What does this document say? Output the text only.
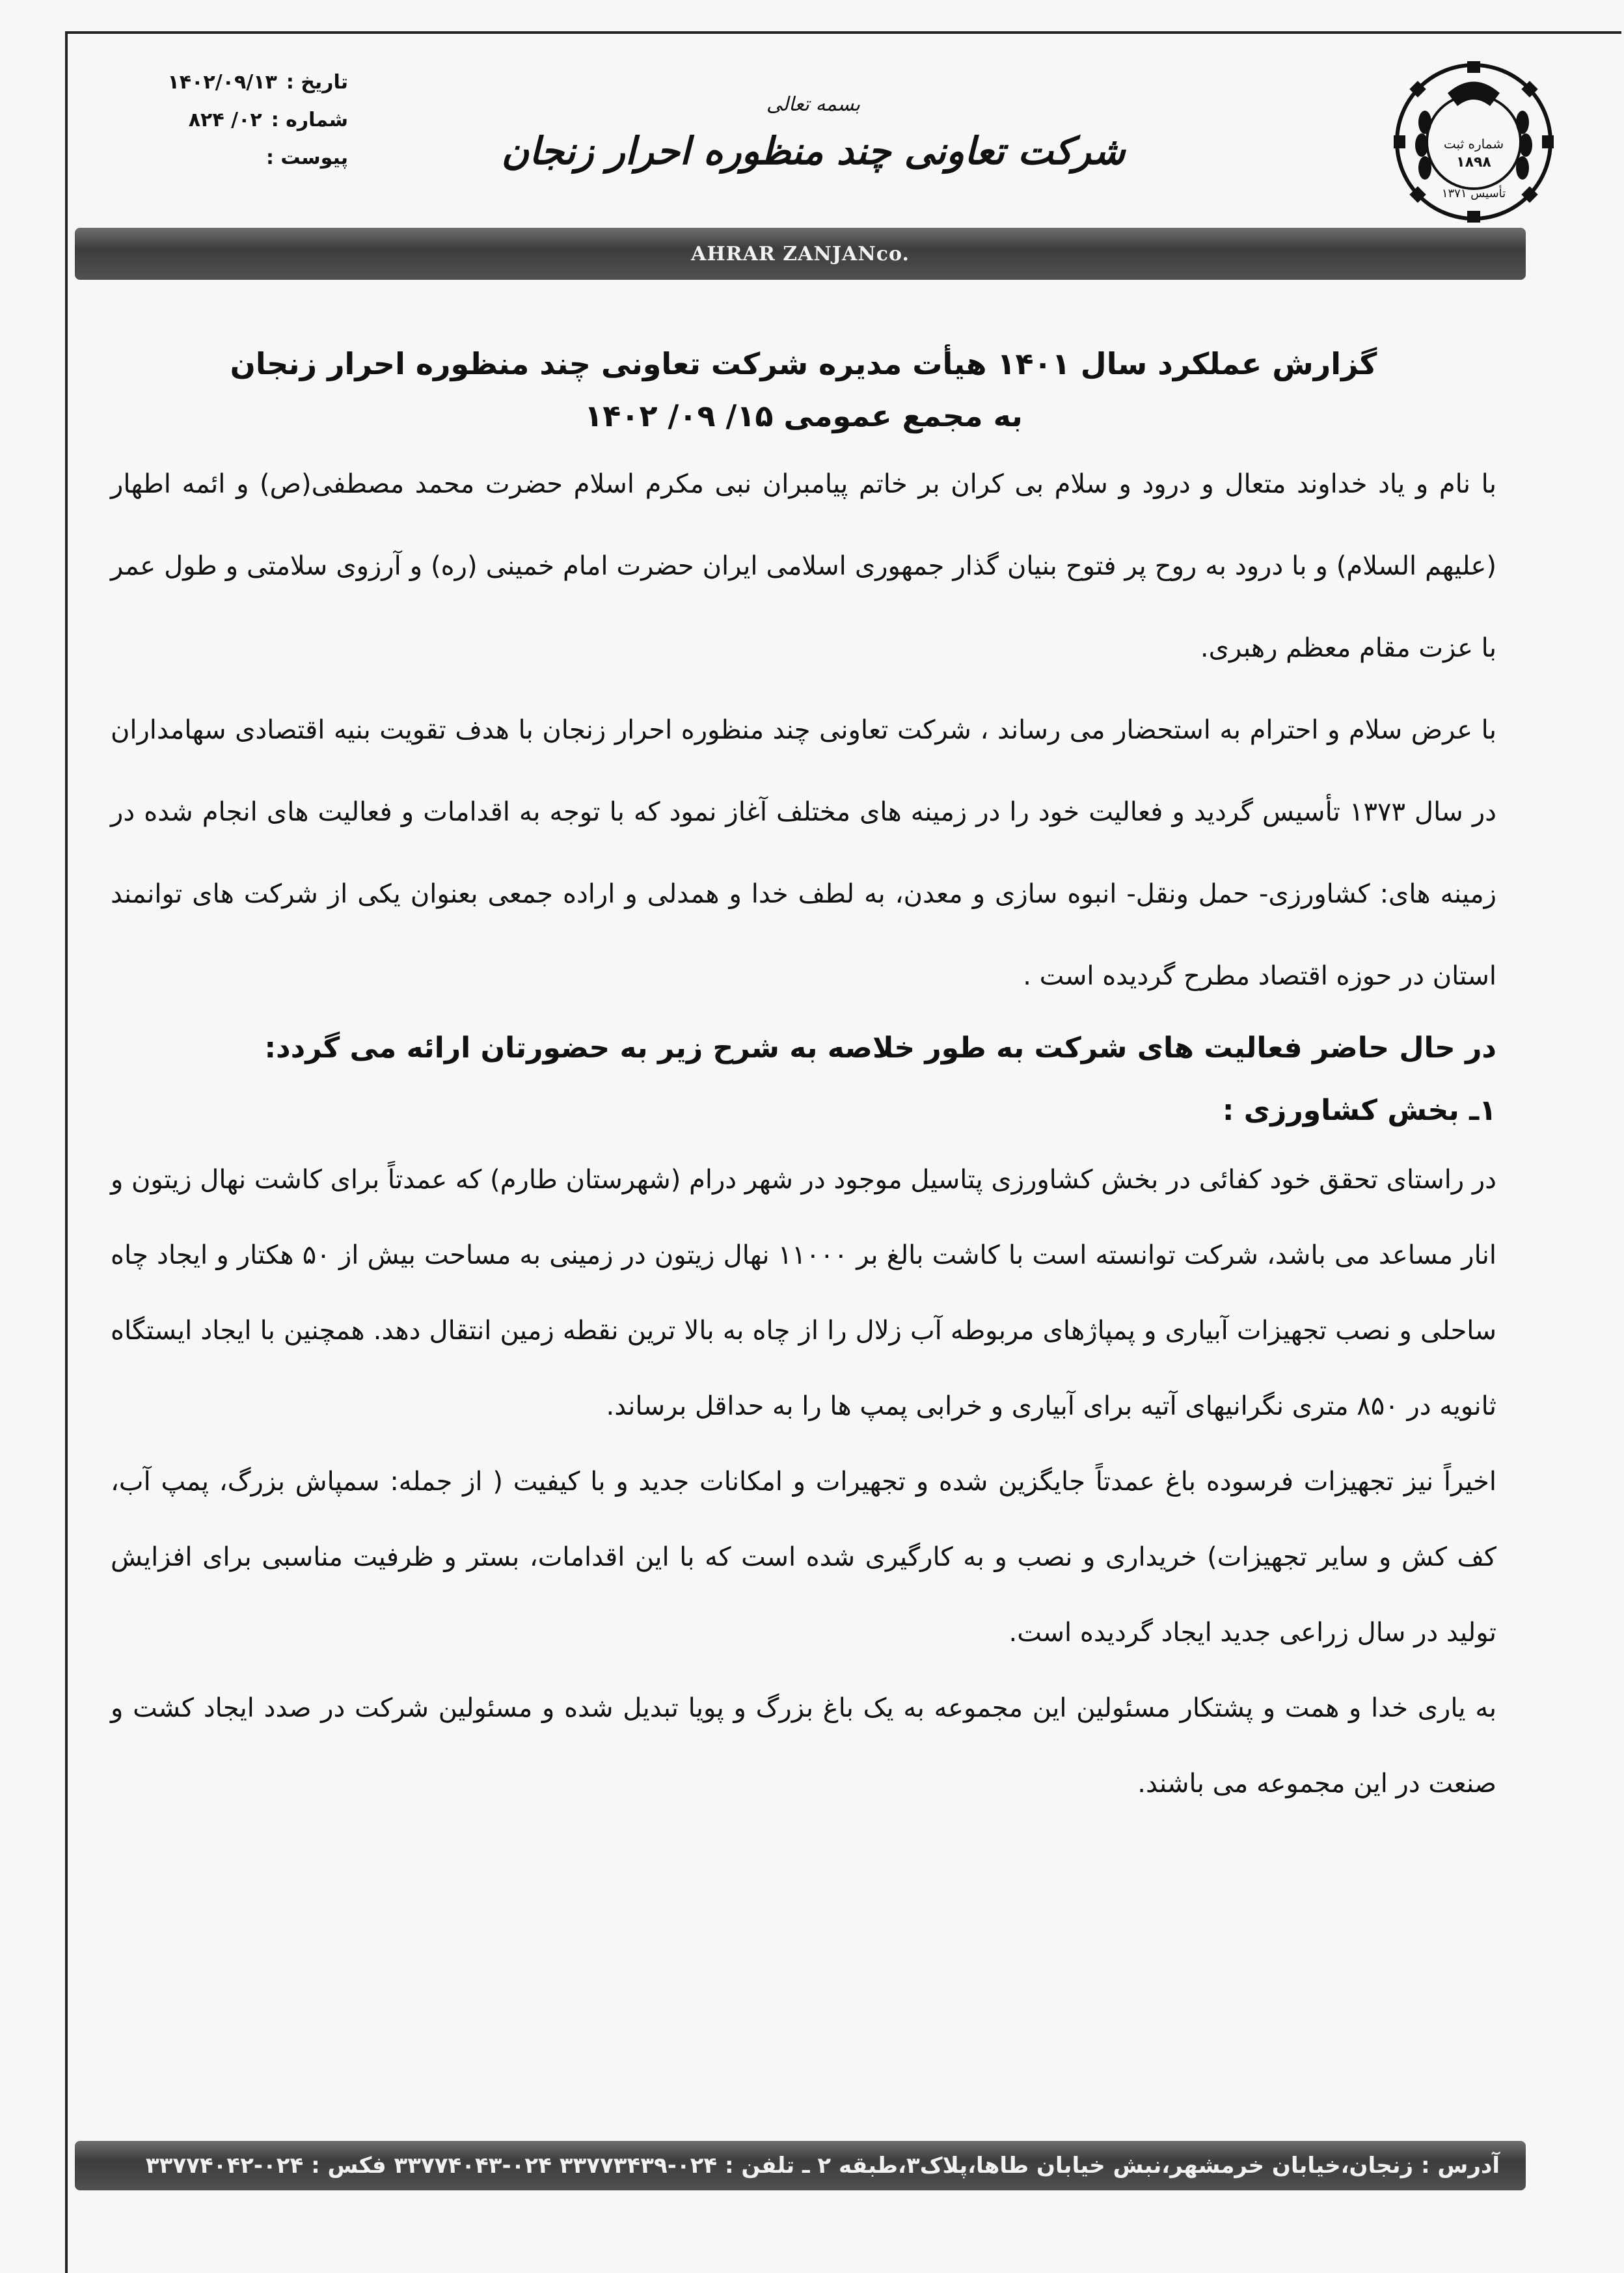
شماره ثبت
۱۸۹۸
تأسیس ۱۳۷۱
بسمه تعالی
شرکت تعاونی چند منظوره احرار زنجان
تاریخ :
۱۴۰۲/۰۹/۱۳
شماره :
۰۲/ ۸۲۴
پیوست :
AHRAR ZANJANco.
گزارش عملکرد سال ۱۴۰۱ هیأت مدیره شرکت تعاونی چند منظوره احرار زنجان
به مجمع عمومی ۱۵/ ۰۹/ ۱۴۰۲

با نام و یاد خداوند متعال و درود و سلام بی کران بر خاتم پیامبران نبی مکرم اسلام حضرت محمد مصطفی(ص) و ائمه اطهار (علیهم السلام) و با درود به روح پر فتوح بنیان گذار جمهوری اسلامی ایران حضرت امام خمینی (ره) و آرزوی سلامتی و طول عمر با عزت مقام معظم رهبری.

با عرض سلام و احترام به استحضار می رساند ، شرکت تعاونی چند منظوره احرار زنجان با هدف تقویت بنیه اقتصادی سهامداران در سال ۱۳۷۳ تأسیس گردید و فعالیت خود را در زمینه های مختلف آغاز نمود که با توجه به اقدامات و فعالیت های انجام شده در زمینه های: کشاورزی- حمل ونقل- انبوه سازی و معدن، به لطف خدا و همدلی و اراده جمعی بعنوان یکی از شرکت های توانمند استان در حوزه اقتصاد مطرح گردیده است .

در حال حاضر فعالیت های شرکت به طور خلاصه به شرح زیر به حضورتان ارائه می گردد:

۱ـ بخش کشاورزی :

در راستای تحقق خود کفائی در بخش کشاورزی پتاسیل موجود در شهر درام (شهرستان طارم) که عمدتاً برای کاشت نهال زیتون و انار مساعد می باشد، شرکت توانسته است با کاشت بالغ بر ۱۱۰۰۰ نهال زیتون در زمینی به مساحت بیش از ۵۰ هکتار و ایجاد چاه ساحلی و نصب تجهیزات آبیاری و پمپاژهای مربوطه آب زلال را از چاه به بالا ترین نقطه زمین انتقال دهد. همچنین با ایجاد ایستگاه ثانویه در ۸۵۰ متری نگرانیهای آتیه برای آبیاری و خرابی پمپ ها را به حداقل برساند.

اخیراً نیز تجهیزات فرسوده باغ عمدتاً جایگزین شده و تجهیرات و امکانات جدید و با کیفیت ( از جمله: سمپاش بزرگ، پمپ آب، کف کش و سایر تجهیزات) خریداری و نصب و به کارگیری شده است که با این اقدامات، بستر و ظرفیت مناسبی برای افزایش تولید در سال زراعی جدید ایجاد گردیده است.

به یاری خدا و همت و پشتکار مسئولین این مجموعه به یک باغ بزرگ و پویا تبدیل شده و مسئولین شرکت در صدد ایجاد کشت و صنعت در این مجموعه می باشند.

آدرس : زنجان،خیابان خرمشهر،نبش خیابان طاها،پلاک۳،طبقه ۲ ـ تلفن : ۰۲۴-۳۳۷۷۳۴۳۹ ۰۲۴-۳۳۷۷۴۰۴۳ فکس : ۰۲۴-۳۳۷۷۴۰۴۲
